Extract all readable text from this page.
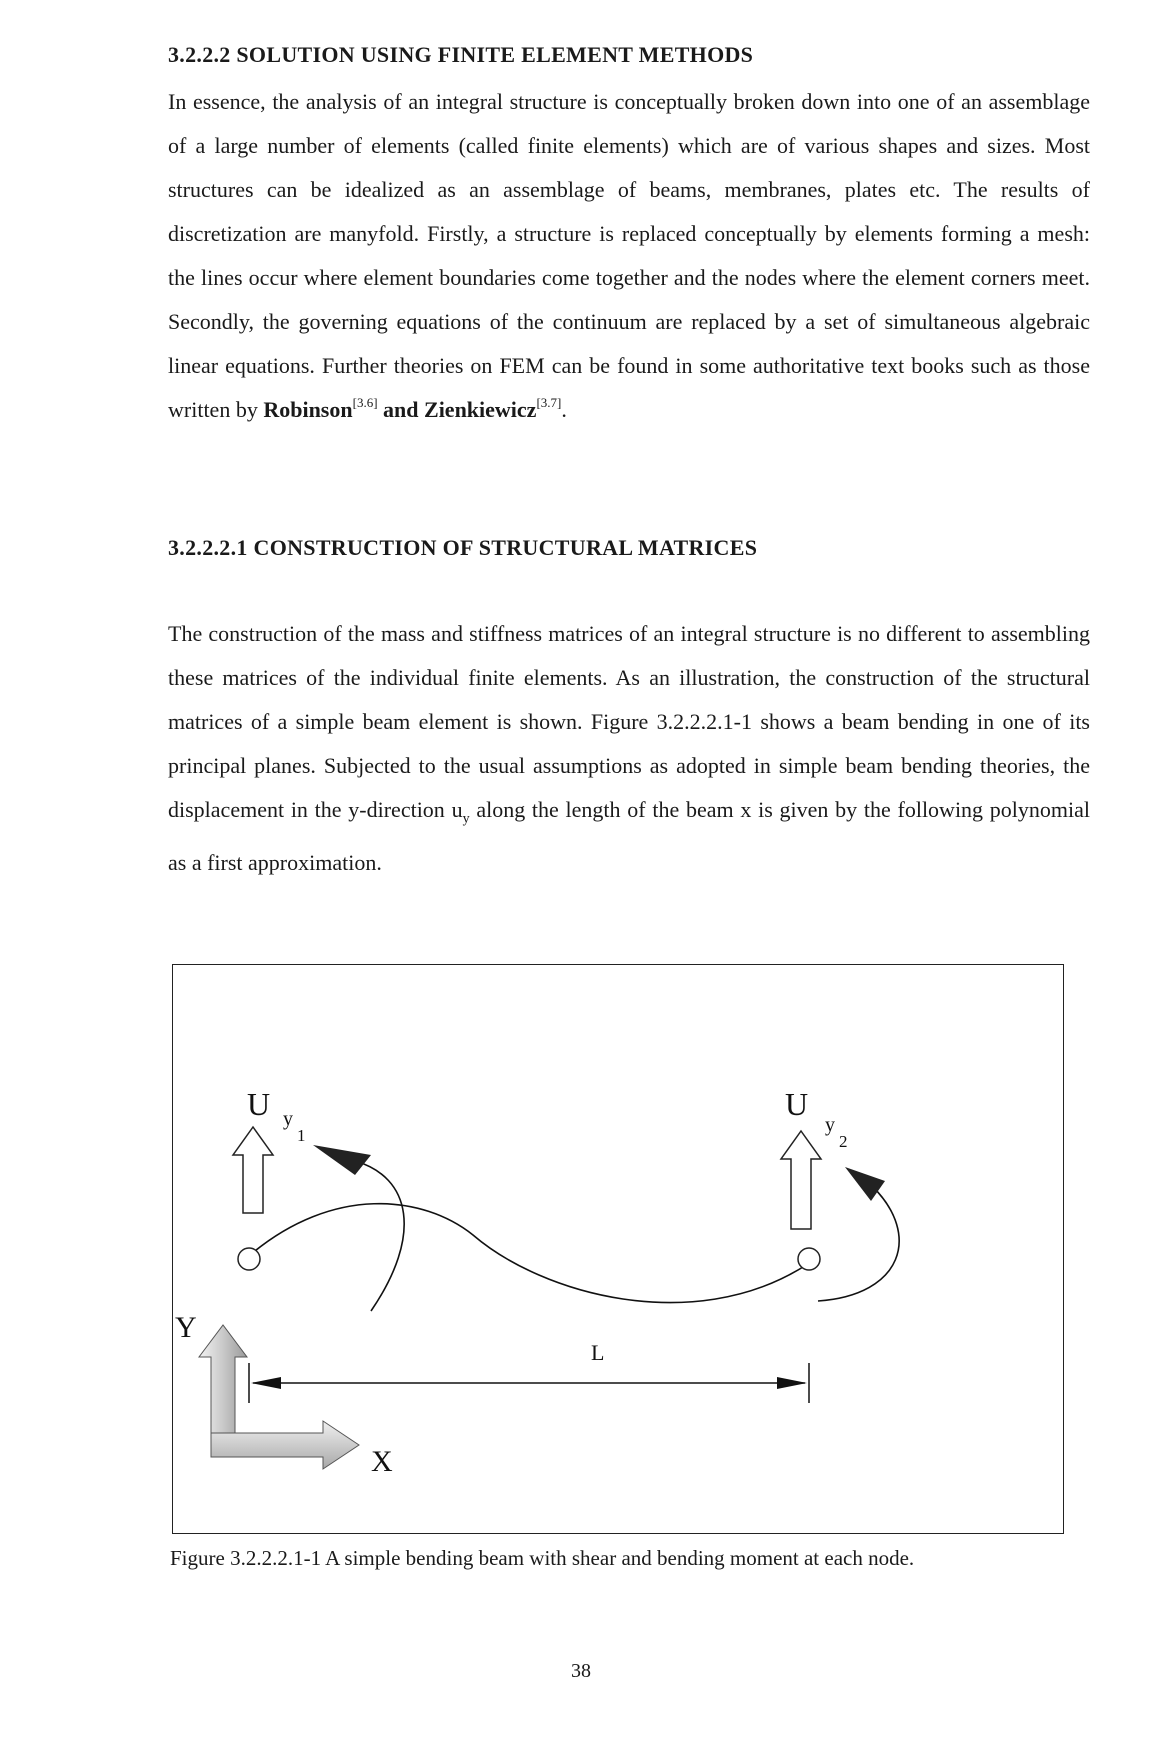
3.2.2.2 SOLUTION USING FINITE ELEMENT METHODS
In essence, the analysis of an integral structure is conceptually broken down into one of an assemblage of a large number of elements (called finite elements) which are of various shapes and sizes. Most structures can be idealized as an assemblage of beams, membranes, plates etc. The results of discretization are manyfold. Firstly, a structure is replaced conceptually by elements forming a mesh: the lines occur where element boundaries come together and the nodes where the element corners meet. Secondly, the governing equations of the continuum are replaced by a set of simultaneous algebraic linear equations. Further theories on FEM can be found in some authoritative text books such as those written by Robinson[3.6] and Zienkiewicz[3.7].
3.2.2.2.1 CONSTRUCTION OF STRUCTURAL MATRICES
The construction of the mass and stiffness matrices of an integral structure is no different to assembling these matrices of the individual finite elements. As an illustration, the construction of the structural matrices of a simple beam element is shown. Figure 3.2.2.2.1-1 shows a beam bending in one of its principal planes. Subjected to the usual assumptions as adopted in simple beam bending theories, the displacement in the y-direction $u_y$ along the length of the beam x is given by the following polynomial as a first approximation.
U y
1
U
y
2
Y
X
L
Figure 3.2.2.2.1-1 A simple bending beam with shear and bending moment at each node.
38
